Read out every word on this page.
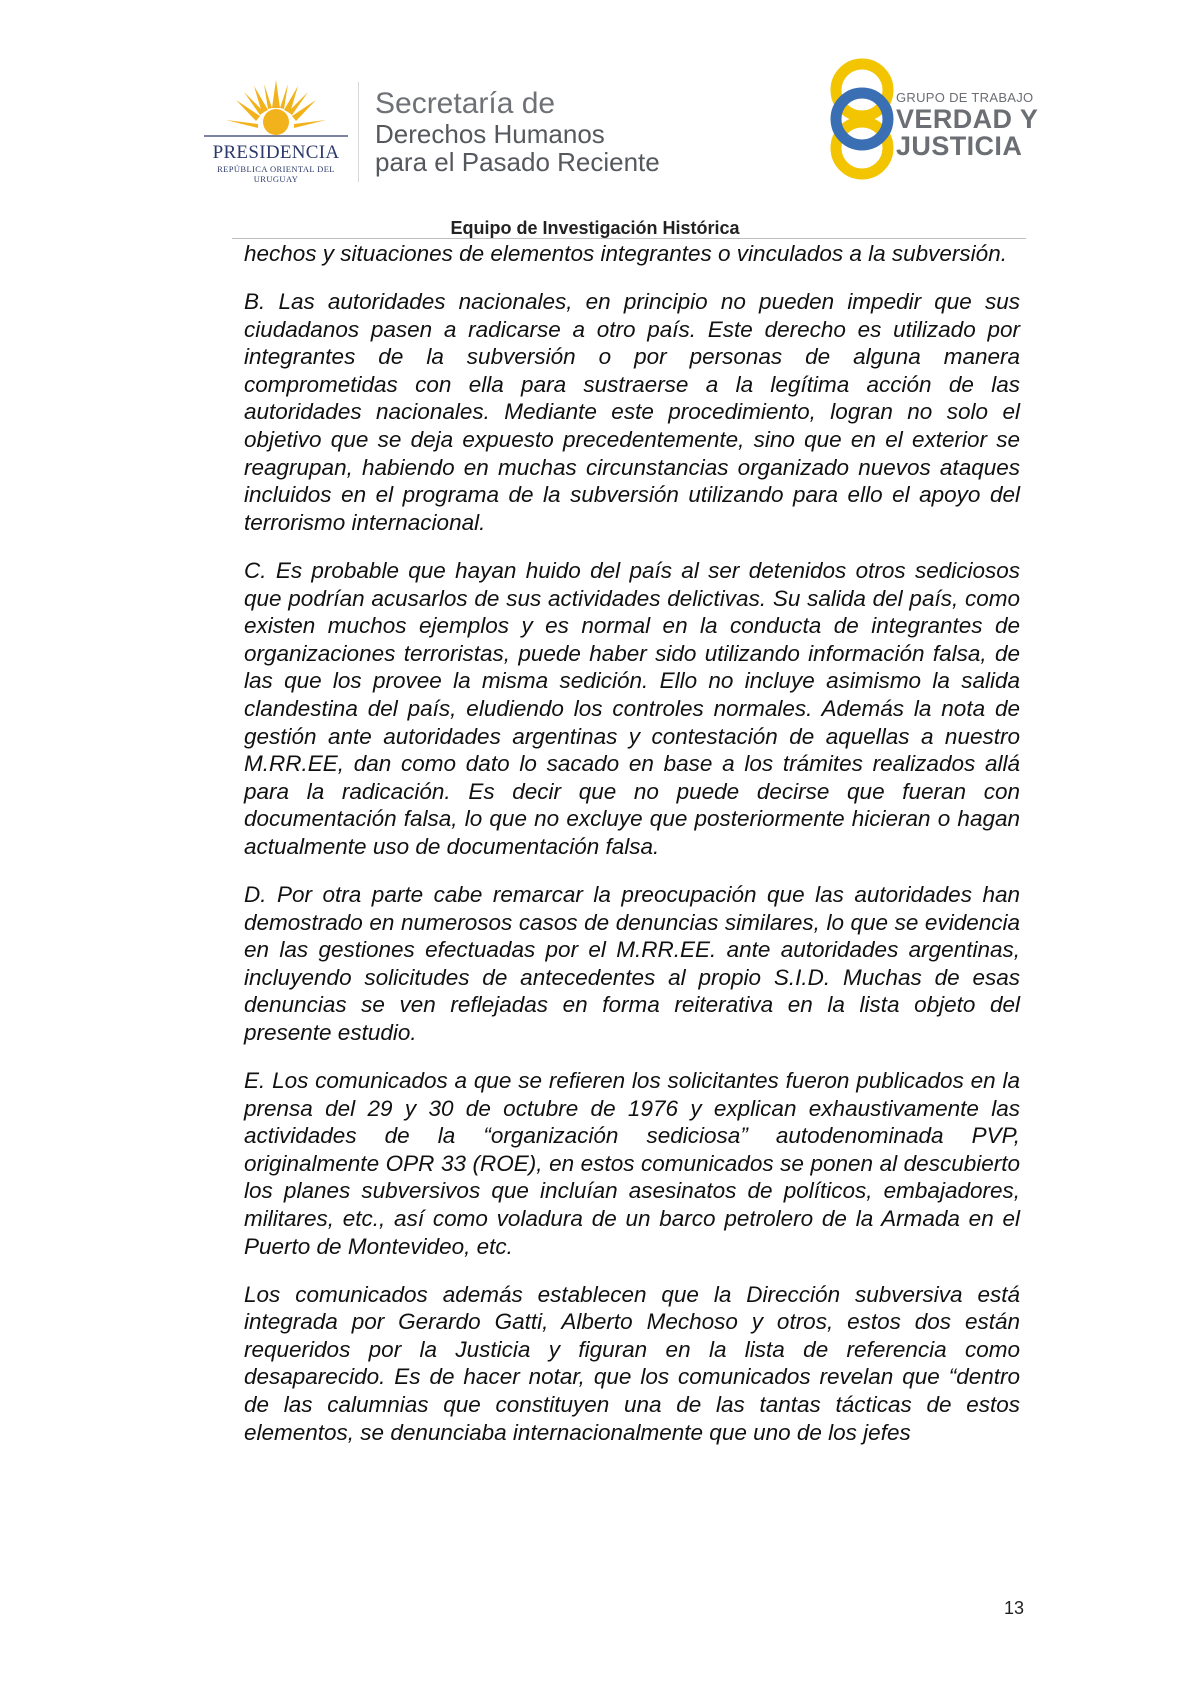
PRESIDENCIA
REPÚBLICA ORIENTAL DEL URUGUAY
Secretaría de
Derechos Humanos
para el Pasado Reciente
GRUPO DE TRABAJO
VERDAD Y
JUSTICIA
Equipo de Investigación Histórica

hechos y situaciones de elementos integrantes o vinculados a la subversión.

B. Las autoridades nacionales, en principio no pueden impedir que sus ciudadanos pasen a radicarse a otro país. Este derecho es utilizado por integrantes de la subversión o por personas de alguna manera comprometidas con ella para sustraerse a la legítima acción de las autoridades nacionales. Mediante este procedimiento, logran no solo el objetivo que se deja expuesto precedentemente, sino que en el exterior se reagrupan, habiendo en muchas circunstancias organizado nuevos ataques incluidos en el programa de la subversión utilizando para ello el apoyo del terrorismo internacional.

C. Es probable que hayan huido del país al ser detenidos otros sediciosos que podrían acusarlos de sus actividades delictivas. Su salida del país, como existen muchos ejemplos y es normal en la conducta de integrantes de organizaciones terroristas, puede haber sido utilizando información falsa, de las que los provee la misma sedición. Ello no incluye asimismo la salida clandestina del país, eludiendo los controles normales. Además la nota de gestión ante autoridades argentinas y contestación de aquellas a nuestro M.RR.EE, dan como dato lo sacado en base a los trámites realizados allá para la radicación. Es decir que no puede decirse que fueran con documentación falsa, lo que no excluye que posteriormente hicieran o hagan actualmente uso de documentación falsa.

D. Por otra parte cabe remarcar la preocupación que las autoridades han demostrado en numerosos casos de denuncias similares, lo que se evidencia en las gestiones efectuadas por el M.RR.EE. ante autoridades argentinas, incluyendo solicitudes de antecedentes al propio S.I.D. Muchas de esas denuncias se ven reflejadas en forma reiterativa en la lista objeto del presente estudio.

E. Los comunicados a que se refieren los solicitantes fueron publicados en la prensa del 29 y 30 de octubre de 1976 y explican exhaustivamente las actividades de la “organización sediciosa” autodenominada PVP, originalmente OPR 33 (ROE), en estos comunicados se ponen al descubierto los planes subversivos que incluían asesinatos de políticos, embajadores, militares, etc., así como voladura de un barco petrolero de la Armada en el Puerto de Montevideo, etc.

Los comunicados además establecen que la Dirección subversiva está integrada por Gerardo Gatti, Alberto Mechoso y otros, estos dos están requeridos por la Justicia y figuran en la lista de referencia como desaparecido. Es de hacer notar, que los comunicados revelan que “dentro de las calumnias que constituyen una de las tantas tácticas de estos elementos, se denunciaba internacionalmente que uno de los jefes

13
